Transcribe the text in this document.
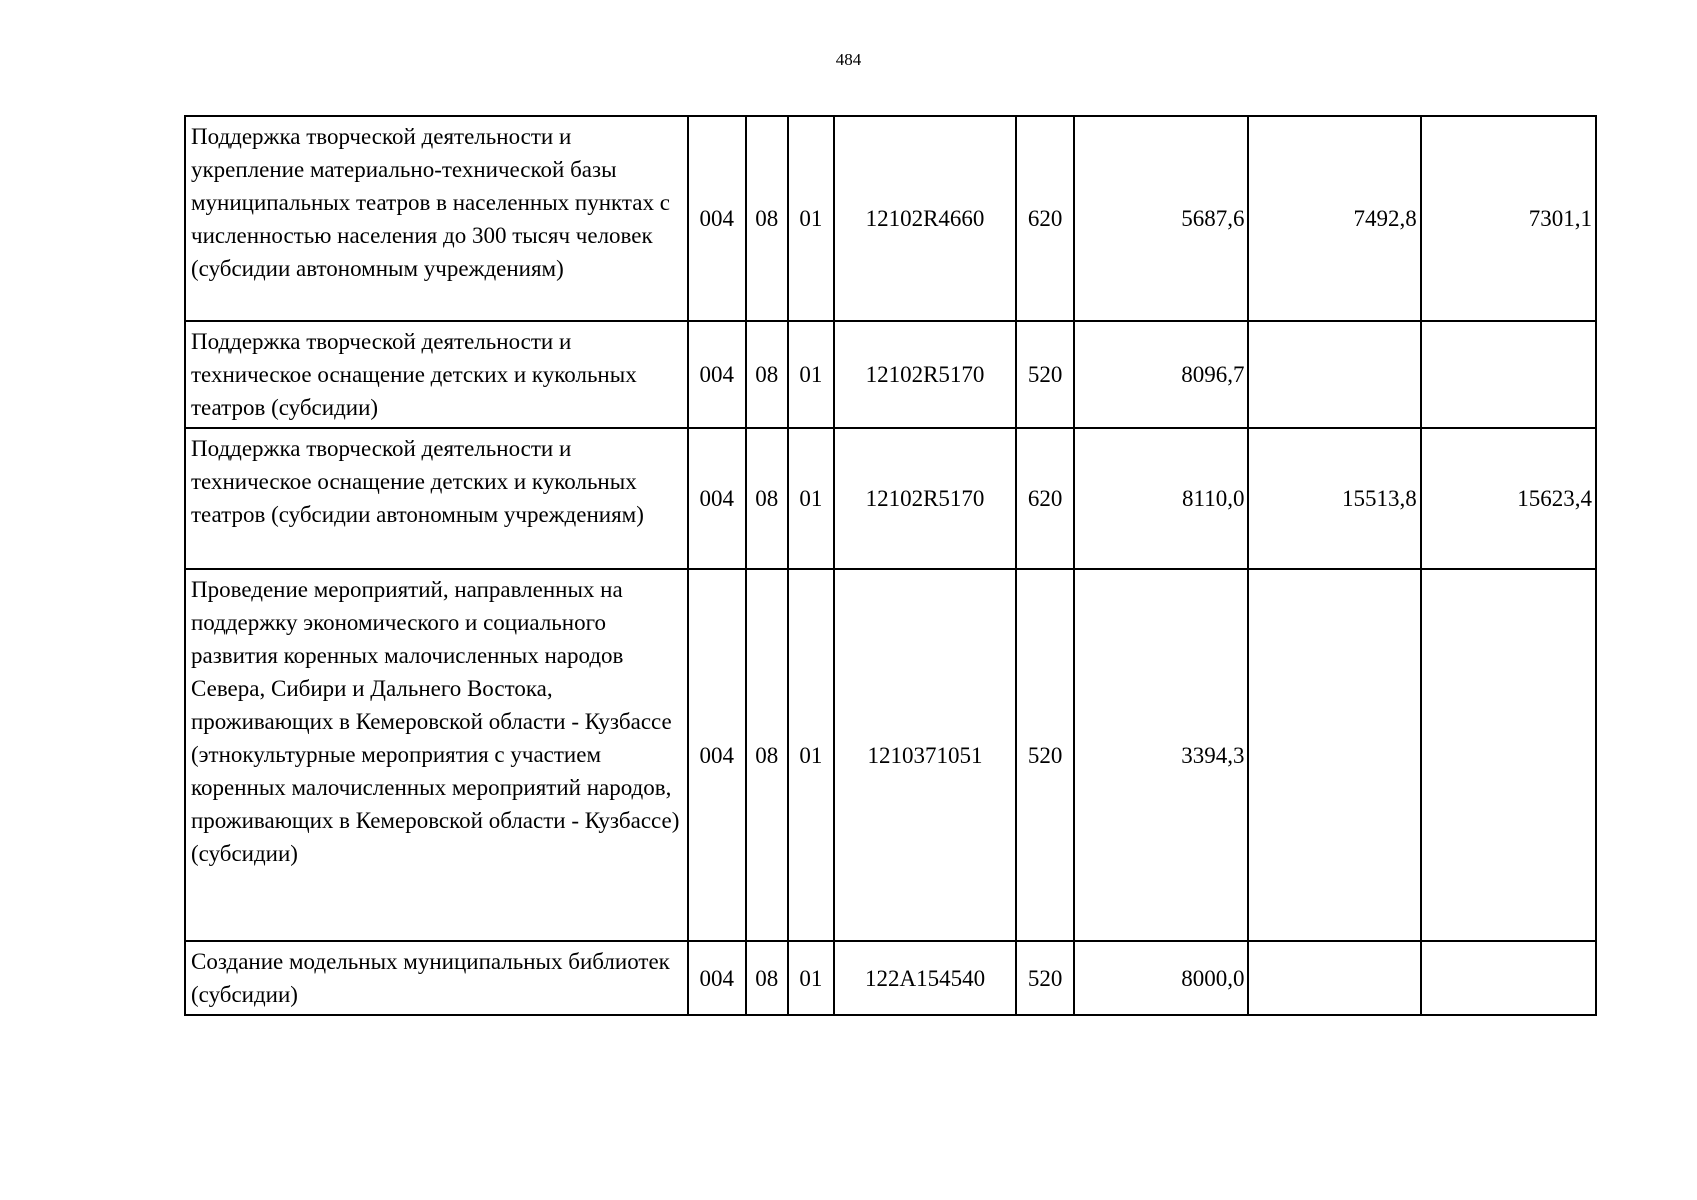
484
Поддержка творческой деятельности и укрепление материально-технической базы муниципальных театров в населенных пунктах с численностью населения до 300 тысяч человек (субсидии автономным учреждениям)	004	08	01	12102R4660	620	5687,6	7492,8	7301,1
Поддержка творческой деятельности и техническое оснащение детских и кукольных театров (субсидии)	004	08	01	12102R5170	520	8096,7		
Поддержка творческой деятельности и техническое оснащение детских и кукольных театров (субсидии автономным учреждениям)	004	08	01	12102R5170	620	8110,0	15513,8	15623,4
Проведение мероприятий, направленных на поддержку экономического и социального развития коренных малочисленных народов Севера, Сибири и Дальнего Востока, проживающих в Кемеровской области - Кузбассе (этнокультурные мероприятия с участием коренных малочисленных мероприятий народов, проживающих в Кемеровской области - Кузбассе) (субсидии)	004	08	01	1210371051	520	3394,3		
Создание модельных муниципальных библиотек (субсидии)	004	08	01	122А154540	520	8000,0		
